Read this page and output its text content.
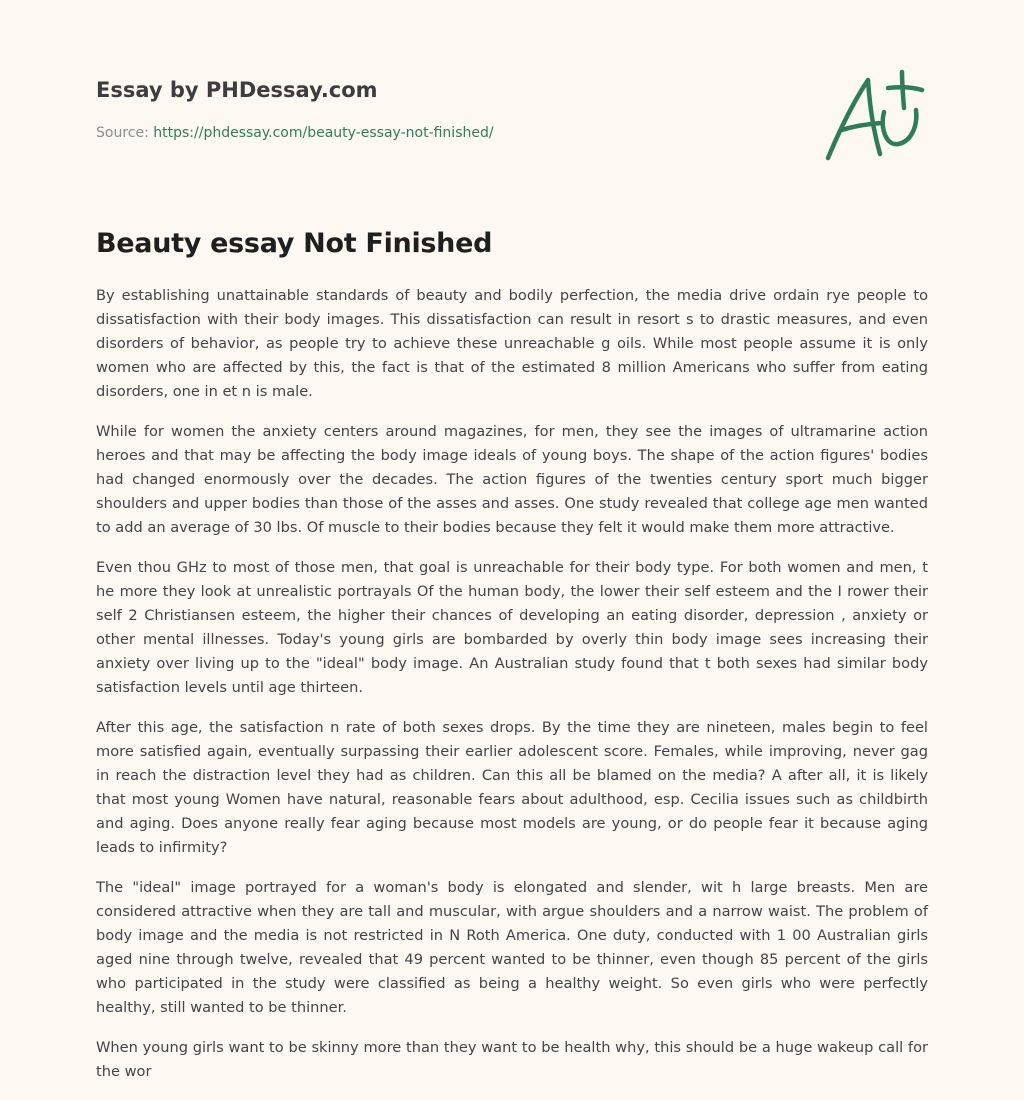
Essay by PHDessay.com
Source: https://phdessay.com/beauty-essay-not-finished/
Beauty essay Not Finished

By establishing unattainable standards of beauty and bodily perfection, the media drive ordain rye people to dissatisfaction with their body images. This dissatisfaction can result in resort s to drastic measures, and even disorders of behavior, as people try to achieve these unreachable g oils. While most people assume it is only women who are affected by this, the fact is that of the estimated 8 million Americans who suffer from eating disorders, one in et n is male.

While for women the anxiety centers around magazines, for men, they see the images of ultramarine action heroes and that may be affecting the body image ideals of young boys. The shape of the action figures' bodies had changed enormously over the decades. The action figures of the twenties century sport much bigger shoulders and upper bodies than those of the asses and asses. One study revealed that college age men wanted to add an average of 30 lbs. Of muscle to their bodies because they felt it would make them more attractive.

Even thou GHz to most of those men, that goal is unreachable for their body type. For both women and men, t he more they look at unrealistic portrayals Of the human body, the lower their self esteem and the I rower their self 2 Christiansen esteem, the higher their chances of developing an eating disorder, depression , anxiety or other mental illnesses. Today's young girls are bombarded by overly thin body image sees increasing their anxiety over living up to the "ideal" body image. An Australian study found that t both sexes had similar body satisfaction levels until age thirteen.

After this age, the satisfaction n rate of both sexes drops. By the time they are nineteen, males begin to feel more satisfied again, eventually surpassing their earlier adolescent score. Females, while improving, never gag in reach the distraction level they had as children. Can this all be blamed on the media? A after all, it is likely that most young Women have natural, reasonable fears about adulthood, esp. Cecilia issues such as childbirth and aging. Does anyone really fear aging because most models are young, or do people fear it because aging leads to infirmity?

The "ideal" image portrayed for a woman's body is elongated and slender, wit h large breasts. Men are considered attractive when they are tall and muscular, with argue shoulders and a narrow waist. The problem of body image and the media is not restricted in N Roth America. One duty, conducted with 1 00 Australian girls aged nine through twelve, revealed that 49 percent wanted to be thinner, even though 85 percent of the girls who participated in the study were classified as being a healthy weight. So even girls who were perfectly healthy, still wanted to be thinner.

When young girls want to be skinny more than they want to be health why, this should be a huge wakeup call for the wor
